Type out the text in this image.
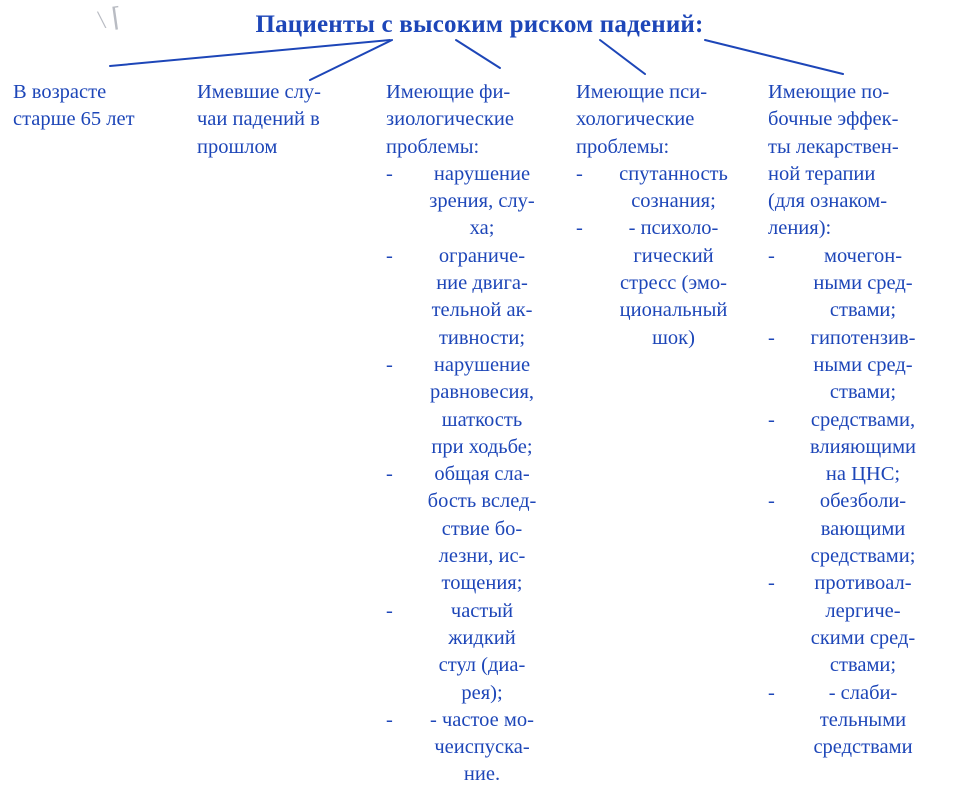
\ ⌈	Пациенты с высоким риском падений:
В возрасте
старше 65 лет
Имевшие слу-
чаи падений в
прошлом
Имеющие фи-
зиологические
проблемы:
-	нарушение
зрения, слу-
ха;
-	ограниче-
ние двига-
тельной ак-
тивности;
-	нарушение
равновесия,
шаткость
при ходьбе;
-	общая сла-
бость вслед-
ствие бо-
лезни, ис-
тощения;
-	частый
жидкий
стул (диа-
рея);
-	- частое мо-
чеиспуска-
ние.
Имеющие пси-
хологические
проблемы:
-	спутанность
сознания;
-	- психоло-
гический
стресс (эмо-
циональный
шок)
Имеющие по-
бочные эффек-
ты лекарствен-
ной терапии
(для ознаком-
ления):
-	мочегон-
ными сред-
ствами;
-	гипотензив-
ными сред-
ствами;
-	средствами,
влияющими
на ЦНС;
-	обезболи-
вающими
средствами;
-	противоал-
лергиче-
скими сред-
ствами;
-	- слаби-
тельными
средствами
